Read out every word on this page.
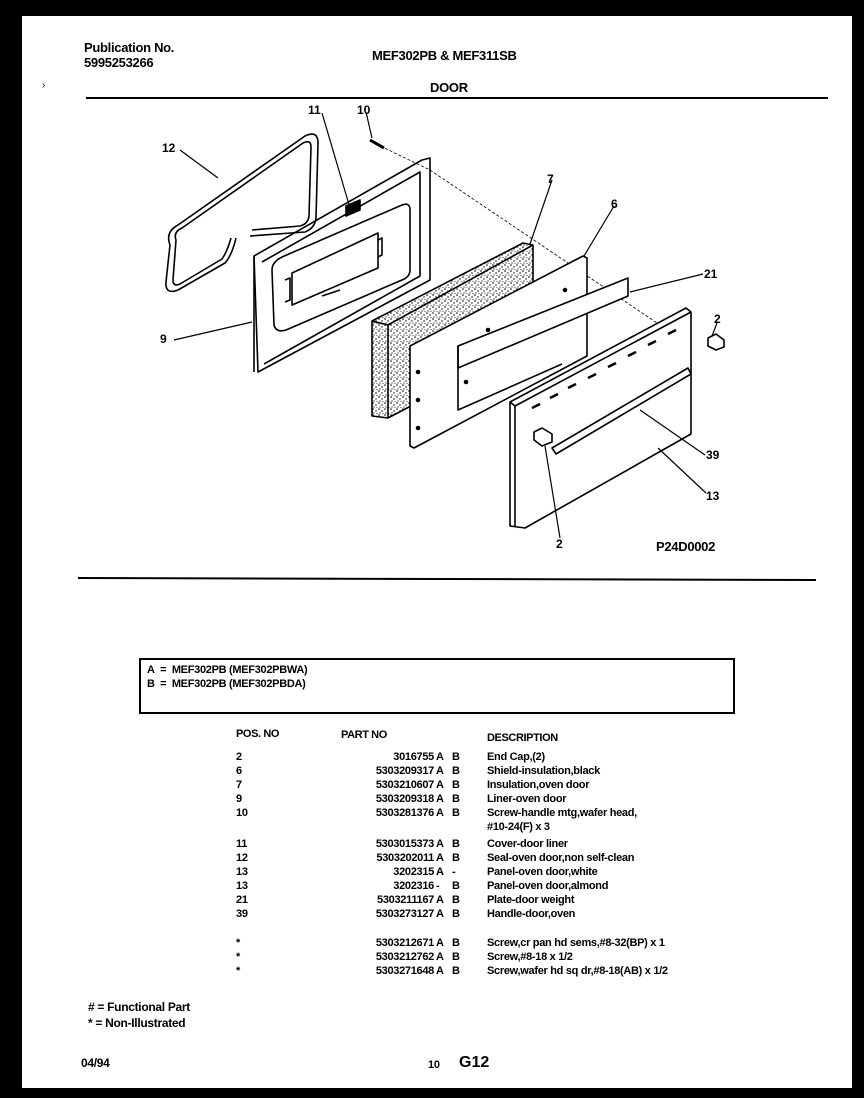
Publication No.
5995253266	MEF302PB & MEF311SB
DOOR
›
12
11	10
7
6
21
2
9
39
13
2	P24D0002
A = MEF302PB (MEF302PBWA)
B = MEF302PB (MEF302PBDA)
POS. NO	PART NO	DESCRIPTION
2	3016755 A B End Cap,(2)
6	5303209317 A B Shield-insulation,black
7	5303210607 A B Insulation,oven door
9	5303209318 A B Liner-oven door
10	5303281376 A B Screw-handle mtg,wafer head,
#10-24(F) x 3
11	5303015373 A B Cover-door liner
12	5303202011 A B Seal-oven door,non self-clean
13	3202315 A -	Panel-oven door,white
13	3202316 - B Panel-oven door,almond
21	5303211167 A B Plate-door weight
39	5303273127 A B Handle-door,oven
*	5303212671 A B Screw,cr pan hd sems,#8-32(BP) x 1
*	5303212762 A B Screw,#8-18 x 1/2
*	5303271648 A B Screw,wafer hd sq dr,#8-18(AB) x 1/2
# = Functional Part
* = Non-Illustrated
04/94	10 G12
